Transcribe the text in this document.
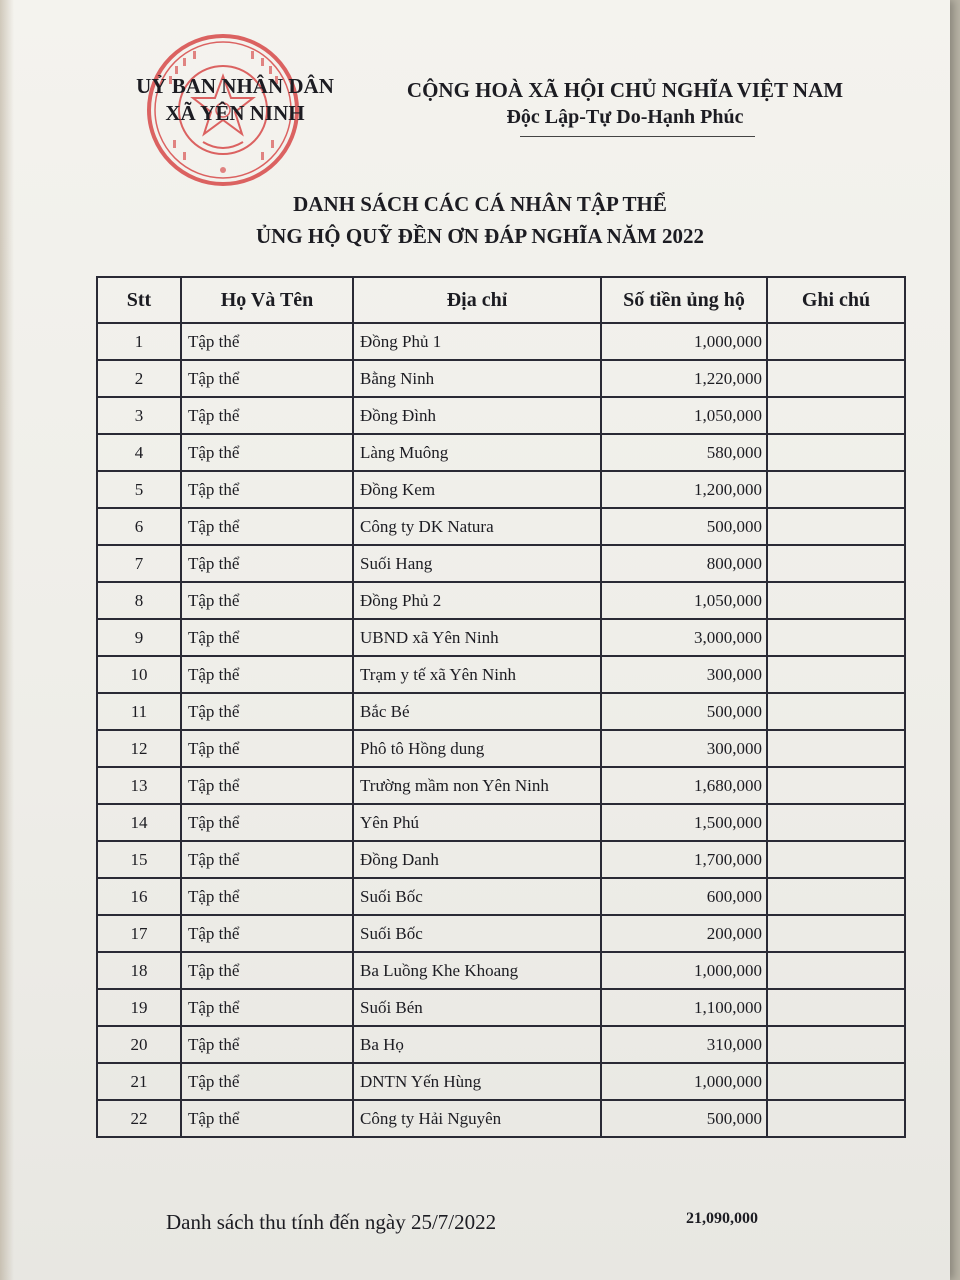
UỶ BAN NHÂN DÂN
XÃ YÊN NINH
CỘNG HOÀ XÃ HỘI CHỦ NGHĨA VIỆT NAM
Độc Lập-Tự Do-Hạnh Phúc
DANH SÁCH CÁC CÁ NHÂN TẬP THỂ
ỦNG HỘ QUỸ ĐỀN ƠN ĐÁP NGHĨA NĂM 2022
Stt	Họ Và Tên	Địa chỉ	Số tiền ủng hộ	Ghi chú
1	Tập thể	Đồng Phủ 1	1,000,000	
2	Tập thể	Bằng Ninh	1,220,000	
3	Tập thể	Đồng Đình	1,050,000	
4	Tập thể	Làng Muông	580,000	
5	Tập thể	Đồng Kem	1,200,000	
6	Tập thể	Công ty DK Natura	500,000	
7	Tập thể	Suối Hang	800,000	
8	Tập thể	Đồng Phủ 2	1,050,000	
9	Tập thể	UBND xã Yên Ninh	3,000,000	
10	Tập thể	Trạm y tế xã Yên Ninh	300,000	
11	Tập thể	Bắc Bé	500,000	
12	Tập thể	Phô tô Hồng dung	300,000	
13	Tập thể	Trường mầm non Yên Ninh	1,680,000	
14	Tập thể	Yên Phú	1,500,000	
15	Tập thể	Đồng Danh	1,700,000	
16	Tập thể	Suối Bốc	600,000	
17	Tập thể	Suối Bốc	200,000	
18	Tập thể	Ba Luồng Khe Khoang	1,000,000	
19	Tập thể	Suối Bén	1,100,000	
20	Tập thể	Ba Họ	310,000	
21	Tập thể	DNTN Yến Hùng	1,000,000	
22	Tập thể	Công ty Hải Nguyên	500,000	
Danh sách thu tính đến ngày 25/7/2022	21,090,000
